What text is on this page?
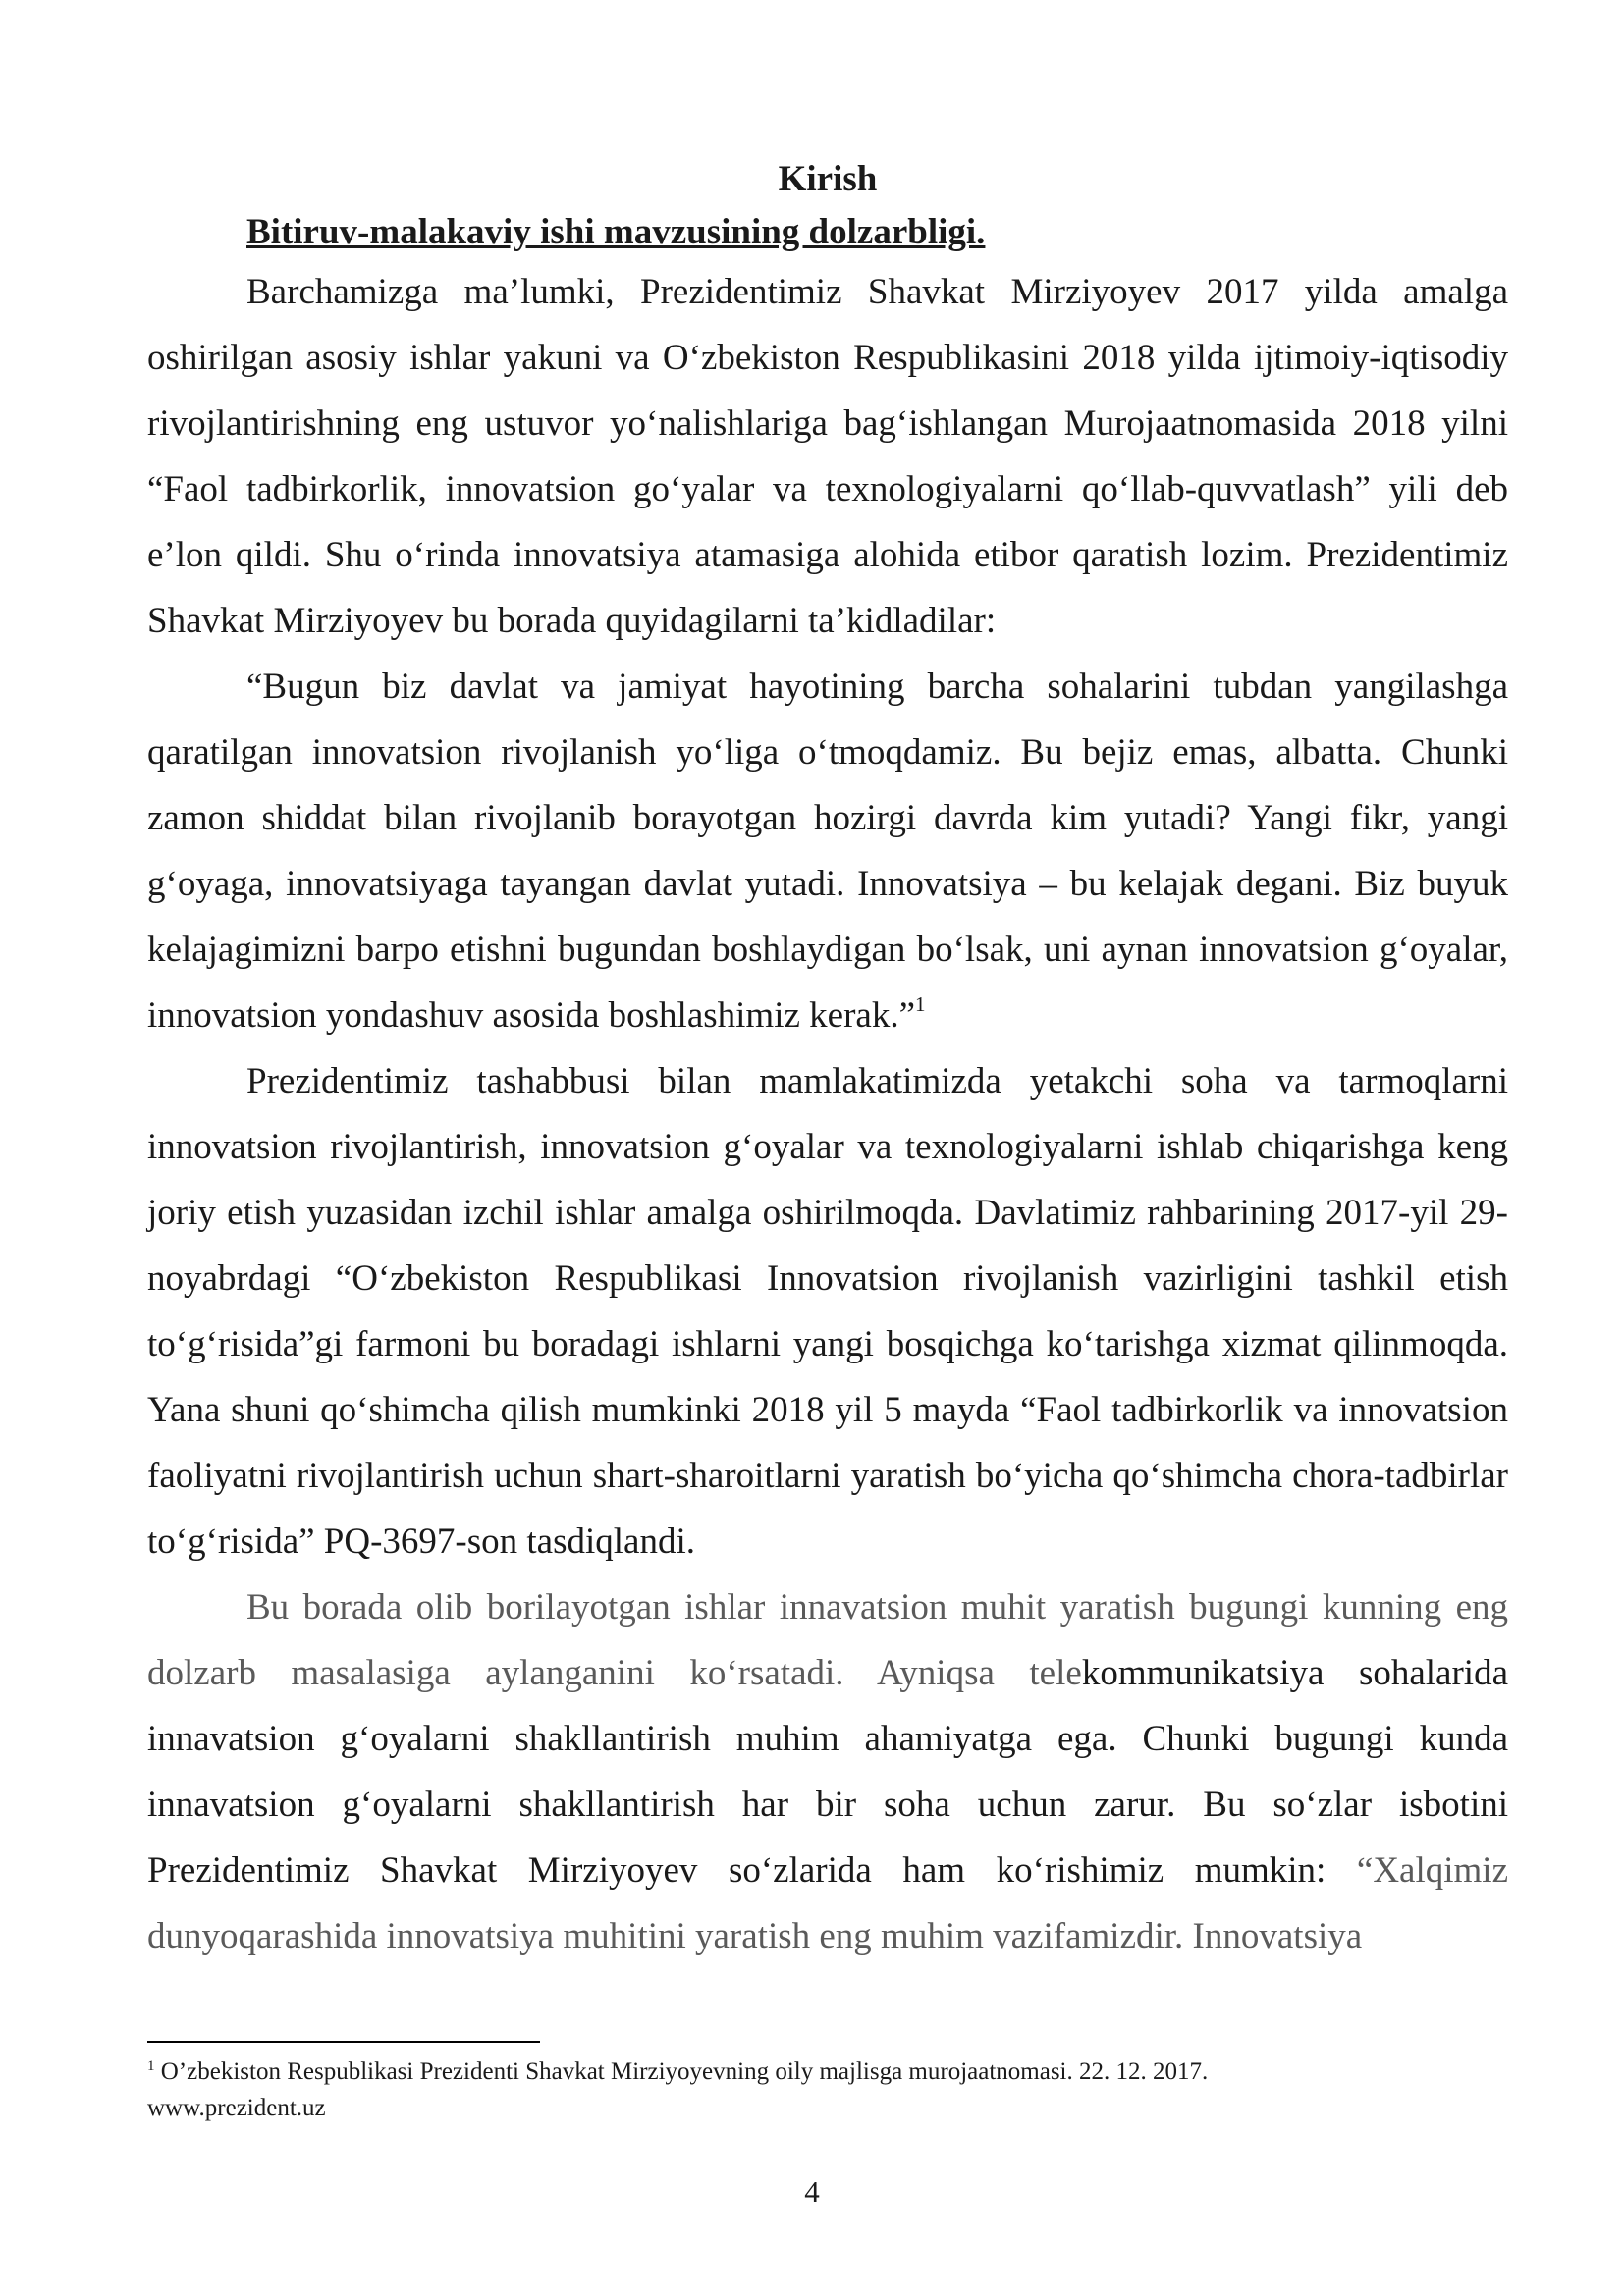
Kirish

Bitiruv-malakaviy ishi mavzusining dolzarbligi.

Barchamizga ma’lumki, Prezidentimiz Shavkat Mirziyoyev 2017 yilda amalga oshirilgan asosiy ishlar yakuni va O‘zbekiston Respublikasini 2018 yilda ijtimoiy-iqtisodiy rivojlantirishning eng ustuvor yo‘nalishlariga bag‘ishlangan Murojaatnomasida 2018 yilni “Faol tadbirkorlik, innovatsion go‘yalar va texnologiyalarni qo‘llab-quvvatlash” yili deb e’lon qildi. Shu o‘rinda innovatsiya atamasiga alohida etibor qaratish lozim. Prezidentimiz Shavkat Mirziyoyev bu borada quyidagilarni ta’kidladilar:

“Bugun biz davlat va jamiyat hayotining barcha sohalarini tubdan yangilashga qaratilgan innovatsion rivojlanish yo‘liga o‘tmoqdamiz. Bu bejiz emas, albatta. Chunki zamon shiddat bilan rivojlanib borayotgan hozirgi davrda kim yutadi? Yangi fikr, yangi g‘oyaga, innovatsiyaga tayangan davlat yutadi. Innovatsiya – bu kelajak degani. Biz buyuk kelajagimizni barpo etishni bugundan boshlaydigan bo‘lsak, uni aynan innovatsion g‘oyalar, innovatsion yondashuv asosida boshlashimiz kerak.”$^1$

Prezidentimiz tashabbusi bilan mamlakatimizda yetakchi soha va tarmoqlarni innovatsion rivojlantirish, innovatsion g‘oyalar va texnologiyalarni ishlab chiqarishga keng joriy etish yuzasidan izchil ishlar amalga oshirilmoqda. Davlatimiz rahbarining 2017-yil 29-noyabrdagi “O‘zbekiston Respublikasi Innovatsion rivojlanish vazirligini tashkil etish to‘g‘risida”gi farmoni bu boradagi ishlarni yangi bosqichga ko‘tarishga xizmat qilinmoqda. Yana shuni qo‘shimcha qilish mumkinki 2018 yil 5 mayda “Faol tadbirkorlik va innovatsion faoliyatni rivojlantirish uchun shart-sharoitlarni yaratish bo‘yicha qo‘shimcha chora-tadbirlar to‘g‘risida” PQ-3697-son tasdiqlandi.

Bu borada olib borilayotgan ishlar innavatsion muhit yaratish bugungi kunning eng dolzarb masalasiga aylanganini ko‘rsatadi. Ayniqsa telekommunikatsiya sohalarida innavatsion g‘oyalarni shakllantirish muhim ahamiyatga ega. Chunki bugungi kunda innavatsion g‘oyalarni shakllantirish har bir soha uchun zarur. Bu so‘zlar isbotini Prezidentimiz Shavkat Mirziyoyev so‘zlarida ham ko‘rishimiz mumkin: “Xalqimiz dunyoqarashida innovatsiya muhitini yaratish eng muhim vazifamizdir. Innovatsiya

$^1$ O’zbekiston Respublikasi Prezidenti Shavkat Mirziyoyevning oily majlisga murojaatnomasi. 22. 12. 2017.

www.prezident.uz

4
